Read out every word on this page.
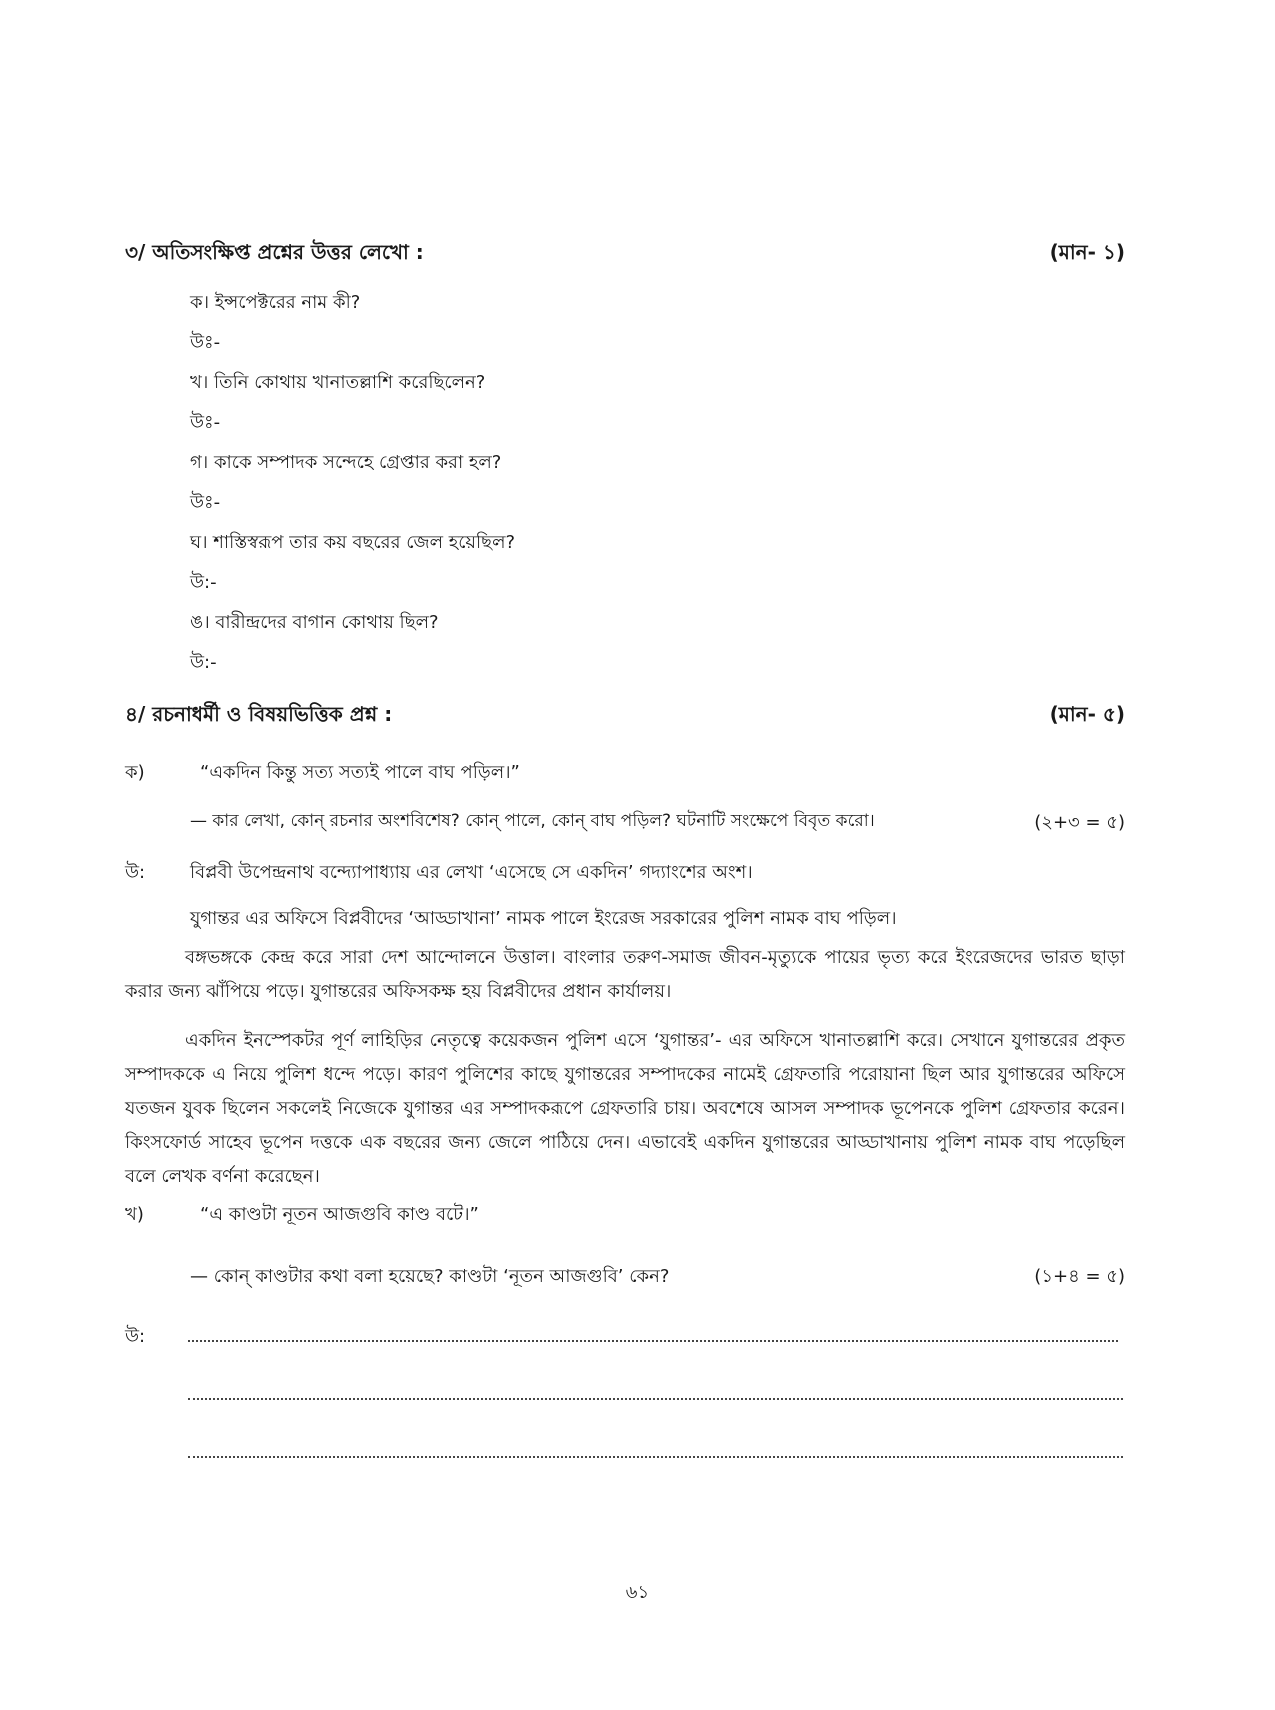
৩/ অতিসংক্ষিপ্ত প্রশ্নের উত্তর লেখো :	(মান- ১)
ক। ইন্সপেক্টরের নাম কী?
উঃ-
খ। তিনি কোথায় খানাতল্লাশি করেছিলেন?
উঃ-
গ। কাকে সম্পাদক সন্দেহে গ্রেপ্তার করা হল?
উঃ-
ঘ। শাস্তিস্বরূপ তার কয় বছরের জেল হয়েছিল?
উ:-
ঙ। বারীন্দ্রদের বাগান কোথায় ছিল?
উ:-
৪/ রচনাধর্মী ও বিষয়ভিত্তিক প্রশ্ন :	(মান- ৫)
ক)	“একদিন কিন্তু সত্য সত্যই পালে বাঘ পড়িল।”
— কার লেখা, কোন্ রচনার অংশবিশেষ? কোন্ পালে, কোন্ বাঘ পড়িল? ঘটনাটি সংক্ষেপে বিবৃত করো।	(২+৩ = ৫)
উ: বিপ্লবী উপেন্দ্রনাথ বন্দ্যোপাধ্যায় এর লেখা ‘এসেছে সে একদিন’ গদ্যাংশের অংশ।
যুগান্তর এর অফিসে বিপ্লবীদের ‘আড্ডাখানা’ নামক পালে ইংরেজ সরকারের পুলিশ নামক বাঘ পড়িল।
বঙ্গভঙ্গকে কেন্দ্র করে সারা দেশ আন্দোলনে উত্তাল। বাংলার তরুণ-সমাজ জীবন-মৃত্যুকে পায়ের ভৃত্য করে ইংরেজদের ভারত ছাড়া করার জন্য ঝাঁপিয়ে পড়ে। যুগান্তরের অফিসকক্ষ হয় বিপ্লবীদের প্রধান কার্যালয়।
একদিন ইনস্পেকটর পূর্ণ লাহিড়ির নেতৃত্বে কয়েকজন পুলিশ এসে ‘যুগান্তর’- এর অফিসে খানাতল্লাশি করে। সেখানে যুগান্তরের প্রকৃত সম্পাদককে এ নিয়ে পুলিশ ধন্দে পড়ে। কারণ পুলিশের কাছে যুগান্তরের সম্পাদকের নামেই গ্রেফতারি পরোয়ানা ছিল আর যুগান্তরের অফিসে যতজন যুবক ছিলেন সকলেই নিজেকে যুগান্তর এর সম্পাদকরূপে গ্রেফতারি চায়। অবশেষে আসল সম্পাদক ভূপেনকে পুলিশ গ্রেফতার করেন। কিংসফোর্ড সাহেব ভূপেন দত্তকে এক বছরের জন্য জেলে পাঠিয়ে দেন। এভাবেই একদিন যুগান্তরের আড্ডাখানায় পুলিশ নামক বাঘ পড়েছিল বলে লেখক বর্ণনা করেছেন।
খ)	“এ কাণ্ডটা নূতন আজগুবি কাণ্ড বটে।”
— কোন্ কাণ্ডটার কথা বলা হয়েছে? কাণ্ডটা ‘নূতন আজগুবি’ কেন?	(১+৪ = ৫)
উ:
৬১
